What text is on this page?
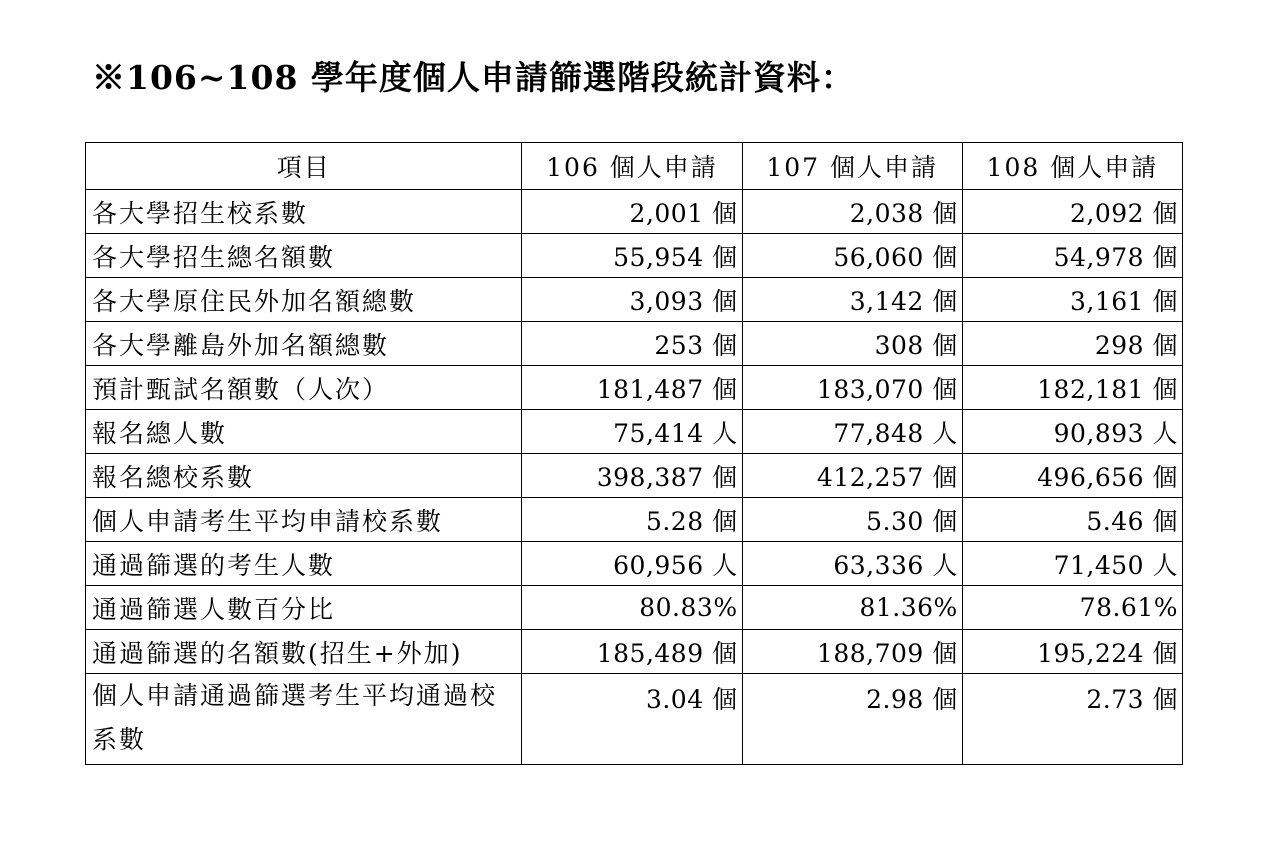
※106~108 學年度個人申請篩選階段統計資料：
項目	106 個人申請	107 個人申請	108 個人申請
各大學招生校系數	2,001 個	2,038 個	2,092 個
各大學招生總名額數	55,954 個	56,060 個	54,978 個
各大學原住民外加名額總數	3,093 個	3,142 個	3,161 個
各大學離島外加名額總數	253 個	308 個	298 個
預計甄試名額數（人次）	181,487 個	183,070 個	182,181 個
報名總人數	75,414 人	77,848 人	90,893 人
報名總校系數	398,387 個	412,257 個	496,656 個
個人申請考生平均申請校系數	5.28 個	5.30 個	5.46 個
通過篩選的考生人數	60,956 人	63,336 人	71,450 人
通過篩選人數百分比	80.83%	81.36%	78.61%
通過篩選的名額數(招生+外加)	185,489 個	188,709 個	195,224 個
個人申請通過篩選考生平均通過校系數	3.04 個	2.98 個	2.73 個
